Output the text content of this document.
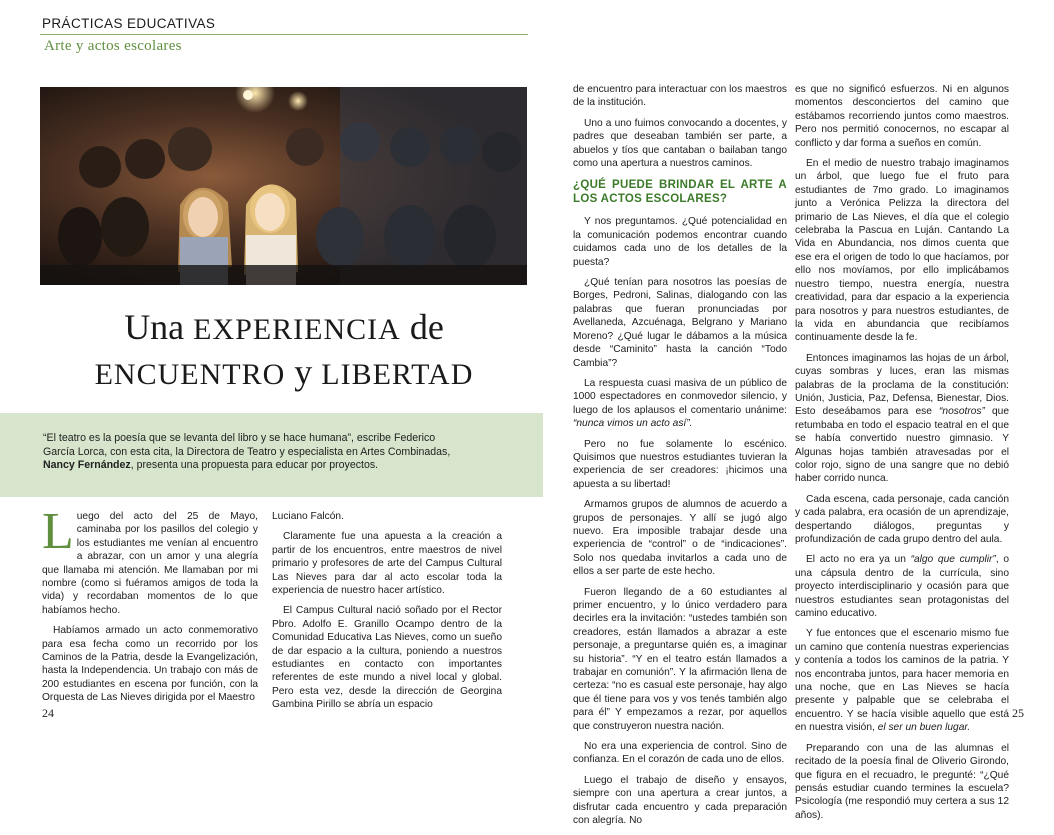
PRÁCTICAS EDUCATIVAS
Arte y actos escolares
Una EXPERIENCIA de
ENCUENTRO y LIBERTAD
“El teatro es la poesía que se levanta del libro y se hace humana”, escribe Federico García Lorca, con esta cita, la Directora de Teatro y especialista en Artes Combinadas, Nancy Fernández, presenta una propuesta para educar por proyectos.

Luego del acto del 25 de Mayo, caminaba por los pasillos del colegio y los estudiantes me venían al encuentro a abrazar, con un amor y una alegría que llamaba mi atención. Me llamaban por mi nombre (como si fuéramos amigos de toda la vida) y recordaban momentos de lo que habíamos hecho.

Habíamos armado un acto conmemorativo para esa fecha como un recorrido por los Caminos de la Patria, desde la Evangelización, hasta la Independencia. Un trabajo con más de 200 estudiantes en escena por función, con la Orquesta de Las Nieves dirigida por el Maestro

Luciano Falcón.

Claramente fue una apuesta a la creación a partir de los encuentros, entre maestros de nivel primario y profesores de arte del Campus Cultural Las Nieves para dar al acto escolar toda la experiencia de nuestro hacer artístico.

El Campus Cultural nació soñado por el Rector Pbro. Adolfo E. Granillo Ocampo dentro de la Comunidad Educativa Las Nieves, como un sueño de dar espacio a la cultura, poniendo a nuestros estudiantes en contacto con importantes referentes de este mundo a nivel local y global. Pero esta vez, desde la dirección de Georgina Gambina Pirillo se abría un espacio

de encuentro para interactuar con los maestros de la institución.

Uno a uno fuimos convocando a docentes, y padres que deseaban también ser parte, a abuelos y tíos que cantaban o bailaban tango como una apertura a nuestros caminos.

¿QUÉ PUEDE BRINDAR EL ARTE A LOS ACTOS ESCOLARES?

Y nos preguntamos. ¿Qué potencialidad en la comunicación podemos encontrar cuando cuidamos cada uno de los detalles de la puesta?

¿Qué tenían para nosotros las poesías de Borges, Pedroni, Salinas, dialogando con las palabras que fueran pronunciadas por Avellaneda, Azcuénaga, Belgrano y Mariano Moreno? ¿Qué lugar le dábamos a la música desde “Caminito” hasta la canción “Todo Cambia”?

La respuesta cuasi masiva de un público de 1000 espectadores en conmovedor silencio, y luego de los aplausos el comentario unánime: “nunca vimos un acto así”.

Pero no fue solamente lo escénico. Quisimos que nuestros estudiantes tuvieran la experiencia de ser creadores: ¡hicimos una apuesta a su libertad!

Armamos grupos de alumnos de acuerdo a grupos de personajes. Y allí se jugó algo nuevo. Era imposible trabajar desde una experiencia de “control” o de “indicaciones”. Solo nos quedaba invitarlos a cada uno de ellos a ser parte de este hecho.

Fueron llegando de a 60 estudiantes al primer encuentro, y lo único verdadero para decirles era la invitación: “ustedes también son creadores, están llamados a abrazar a este personaje, a preguntarse quién es, a imaginar su historia”. “Y en el teatro están llamados a trabajar en comunión”. Y la afirmación llena de certeza: “no es casual este personaje, hay algo que él tiene para vos y vos tenés también algo para él” Y empezamos a rezar, por aquellos que construyeron nuestra nación.

No era una experiencia de control. Sino de confianza. En el corazón de cada uno de ellos.

Luego el trabajo de diseño y ensayos, siempre con una apertura a crear juntos, a disfrutar cada encuentro y cada preparación con alegría. No

es que no significó esfuerzos. Ni en algunos momentos desconciertos del camino que estábamos recorriendo juntos como maestros. Pero nos permitió conocernos, no escapar al conflicto y dar forma a sueños en común.

En el medio de nuestro trabajo imaginamos un árbol, que luego fue el fruto para estudiantes de 7mo grado. Lo imaginamos junto a Verónica Pelizza la directora del primario de Las Nieves, el día que el colegio celebraba la Pascua en Luján. Cantando La Vida en Abundancia, nos dimos cuenta que ese era el origen de todo lo que hacíamos, por ello nos movíamos, por ello implicábamos nuestro tiempo, nuestra energía, nuestra creatividad, para dar espacio a la experiencia para nosotros y para nuestros estudiantes, de la vida en abundancia que recibíamos continuamente desde la fe.

Entonces imaginamos las hojas de un árbol, cuyas sombras y luces, eran las mismas palabras de la proclama de la constitución: Unión, Justicia, Paz, Defensa, Bienestar, Dios. Esto deseábamos para ese “nosotros” que retumbaba en todo el espacio teatral en el que se había convertido nuestro gimnasio. Y Algunas hojas también atravesadas por el color rojo, signo de una sangre que no debió haber corrido nunca.

Cada escena, cada personaje, cada canción y cada palabra, era ocasión de un aprendizaje, despertando diálogos, preguntas y profundización de cada grupo dentro del aula.

El acto no era ya un “algo que cumplir”, o una cápsula dentro de la currícula, sino proyecto interdisciplinario y ocasión para que nuestros estudiantes sean protagonistas del camino educativo.

Y fue entonces que el escenario mismo fue un camino que contenía nuestras experiencias y contenía a todos los caminos de la patria. Y nos encontraba juntos, para hacer memoria en una noche, que en Las Nieves se hacía presente y palpable que se celebraba el encuentro. Y se hacía visible aquello que está en nuestra visión, el ser un buen lugar.

Preparando con una de las alumnas el recitado de la poesía final de Oliverio Girondo, que figura en el recuadro, le pregunté: “¿Qué pensás estudiar cuando termines la escuela? Psicología (me respondió muy certera a sus 12 años).

24	25
